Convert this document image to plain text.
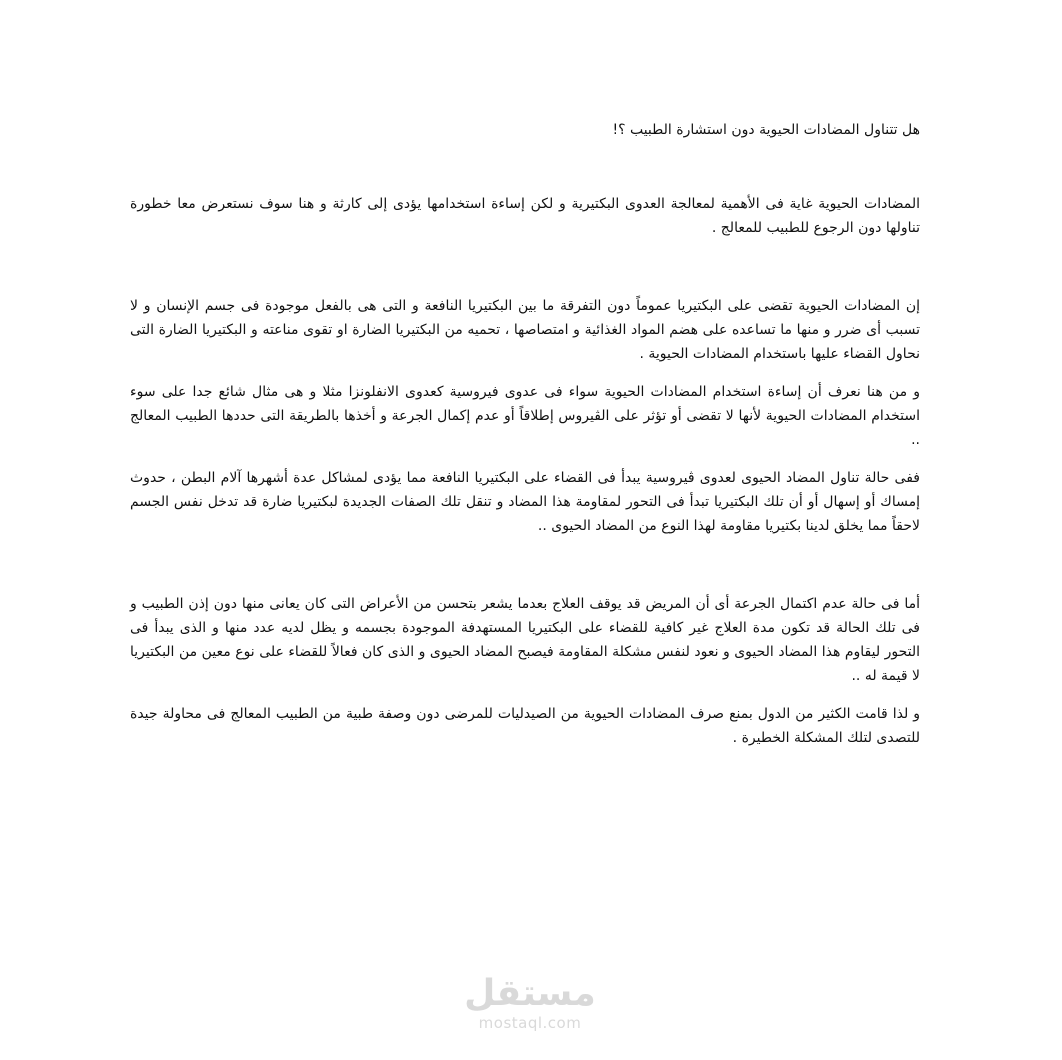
هل تتناول المضادات الحيوية دون استشارة الطبيب ؟!

المضادات الحيوية غاية فى الأهمية لمعالجة العدوى البكتيرية و لكن إساءة استخدامها يؤدى إلى كارثة و هنا سوف نستعرض معا خطورة تناولها دون الرجوع للطبيب للمعالج .

إن المضادات الحيوية تقضى على البكتيريا عموماً دون التفرقة ما بين البكتيريا النافعة و التى هى بالفعل موجودة فى جسم الإنسان و لا تسبب أى ضرر و منها ما تساعده على هضم المواد الغذائية و امتصاصها ، تحميه من البكتيريا الضارة او تقوى مناعته و البكتيريا الضارة التى نحاول القضاء عليها باستخدام المضادات الحيوية .

و من هنا نعرف أن إساءة استخدام المضادات الحيوية سواء فى عدوى فيروسية كعدوى الانفلونزا مثلا و هى مثال شائع جدا على سوء استخدام المضادات الحيوية لأنها لا تقضى أو تؤثر على الڤيروس إطلاقاً أو عدم إكمال الجرعة و أخذها بالطريقة التى حددها الطبيب المعالج ..

ففى حالة تناول المضاد الحيوى لعدوى ڤيروسية يبدأ فى القضاء على البكتيريا النافعة مما يؤدى لمشاكل عدة أشهرها آلام البطن ، حدوث إمساك أو إسهال أو أن تلك البكتيريا تبدأ فى التحور لمقاومة هذا المضاد و تنقل تلك الصفات الجديدة لبكتيريا ضارة قد تدخل نفس الجسم لاحقاً مما يخلق لدينا بكتيريا مقاومة لهذا النوع من المضاد الحيوى ..

أما فى حالة عدم اكتمال الجرعة أى أن المريض قد يوقف العلاج بعدما يشعر بتحسن من الأعراض التى كان يعانى منها دون إذن الطبيب و فى تلك الحالة قد تكون مدة العلاج غير كافية للقضاء على البكتيريا المستهدفة الموجودة بجسمه و يظل لديه عدد منها و الذى يبدأ فى التحور ليقاوم هذا المضاد الحيوى و نعود لنفس مشكلة المقاومة فيصبح المضاد الحيوى و الذى كان فعالاً للقضاء على نوع معين من البكتيريا لا قيمة له ..

و لذا قامت الكثير من الدول بمنع صرف المضادات الحيوية من الصيدليات للمرضى دون وصفة طبية من الطبيب المعالج فى محاولة جيدة للتصدى لتلك المشكلة الخطيرة .

مستقل
mostaql.com
